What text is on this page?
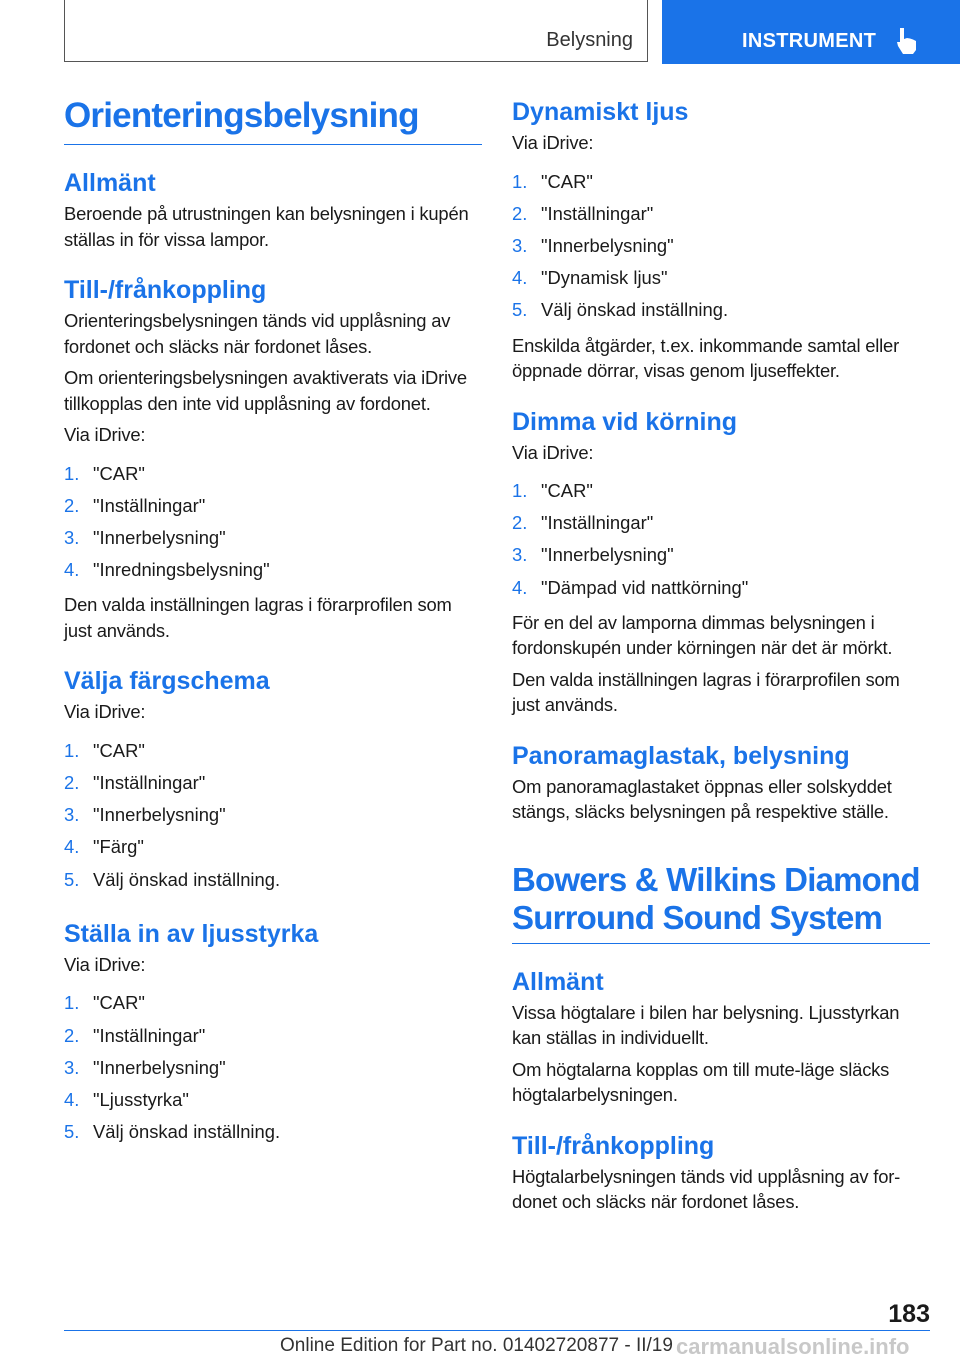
Belysning	INSTRUMENT
Orienteringsbelysning
Allmänt

Beroende på utrustningen kan belysningen i kupén ställas in för vissa lampor.

Till-/frånkoppling

Orienteringsbelysningen tänds vid upplåsning av fordonet och släcks när fordonet låses.

Om orienteringsbelysningen avaktiverats via iDrive tillkopplas den inte vid upplåsning av fordonet.

Via iDrive:

1. "CAR"
2. "Inställningar"
3. "Innerbelysning"
4. "Inredningsbelysning"

Den valda inställningen lagras i förarprofilen som just används.

Välja färgschema

Via iDrive:

1. "CAR"
2. "Inställningar"
3. "Innerbelysning"
4. "Färg"
5. Välj önskad inställning.
Ställa in av ljusstyrka

Via iDrive:

1. "CAR"
2. "Inställningar"
3. "Innerbelysning"
4. "Ljusstyrka"
5. Välj önskad inställning.
Dynamiskt ljus

Via iDrive:

1. "CAR"
2. "Inställningar"
3. "Innerbelysning"
4. "Dynamisk ljus"
5. Välj önskad inställning.

Enskilda åtgärder, t.ex. inkommande samtal eller öppnade dörrar, visas genom ljuseffekter.

Dimma vid körning

Via iDrive:

1. "CAR"
2. "Inställningar"
3. "Innerbelysning"
4. "Dämpad vid nattkörning"

För en del av lamporna dimmas belysningen i fordonskupén under körningen när det är mörkt.

Den valda inställningen lagras i förarprofilen som just används.

Panoramaglastak, belysning

Om panoramaglastaket öppnas eller solskyddet stängs, släcks belysningen på respektive ställe.

Bowers & Wilkins Diamond Surround Sound System
Allmänt

Vissa högtalare i bilen har belysning. Ljusstyrkan kan ställas in individuellt.

Om högtalarna kopplas om till mute-läge släcks högtalarbelysningen.

Till-/frånkoppling

Högtalarbelysningen tänds vid upplåsning av fordonet och släcks när fordonet låses.

183
Online Edition for Part no. 01402720877 - II/19 carmanualsonline.info
